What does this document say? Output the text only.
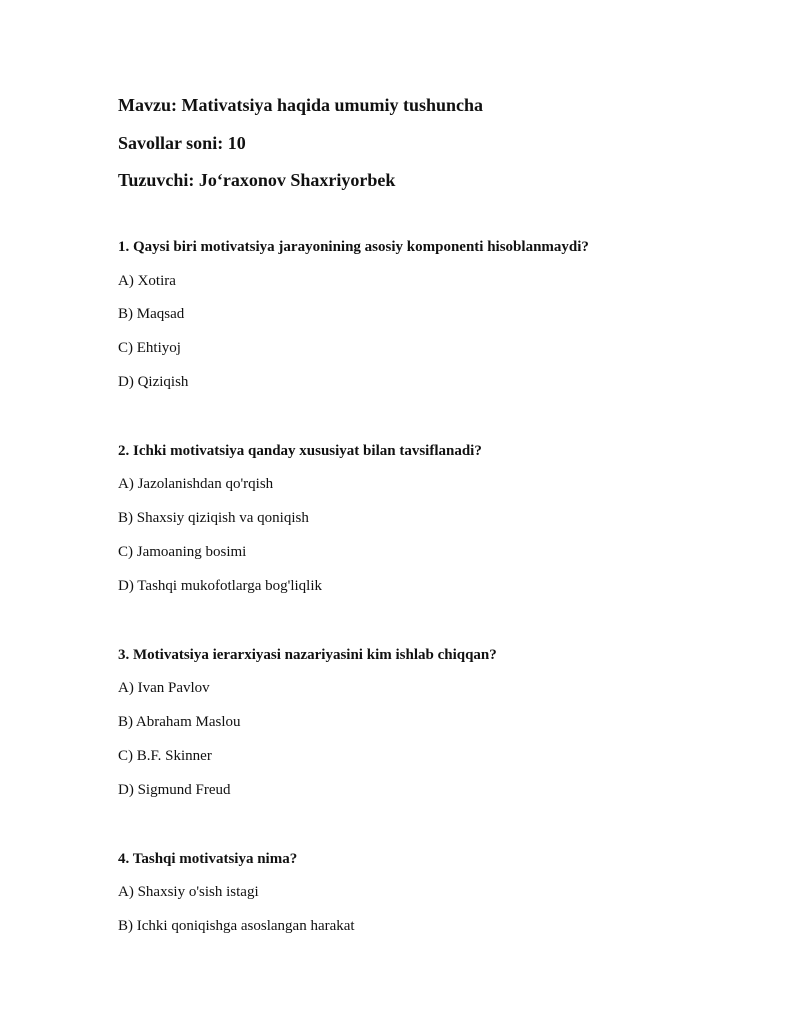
Mavzu: Mativatsiya haqida umumiy tushuncha
Savollar soni: 10
Tuzuvchi: Jo‘raxonov Shaxriyorbek
1. Qaysi biri motivatsiya jarayonining asosiy komponenti hisoblanmaydi?
A) Xotira
B) Maqsad
C) Ehtiyoj
D) Qiziqish
2. Ichki motivatsiya qanday xususiyat bilan tavsiflanadi?
A) Jazolanishdan qo'rqish
B) Shaxsiy qiziqish va qoniqish
C) Jamoaning bosimi
D) Tashqi mukofotlarga bog'liqlik
3. Motivatsiya ierarxiyasi nazariyasini kim ishlab chiqqan?
A) Ivan Pavlov
B) Abraham Maslou
C) B.F. Skinner
D) Sigmund Freud
4. Tashqi motivatsiya nima?
A) Shaxsiy o'sish istagi
B) Ichki qoniqishga asoslangan harakat
